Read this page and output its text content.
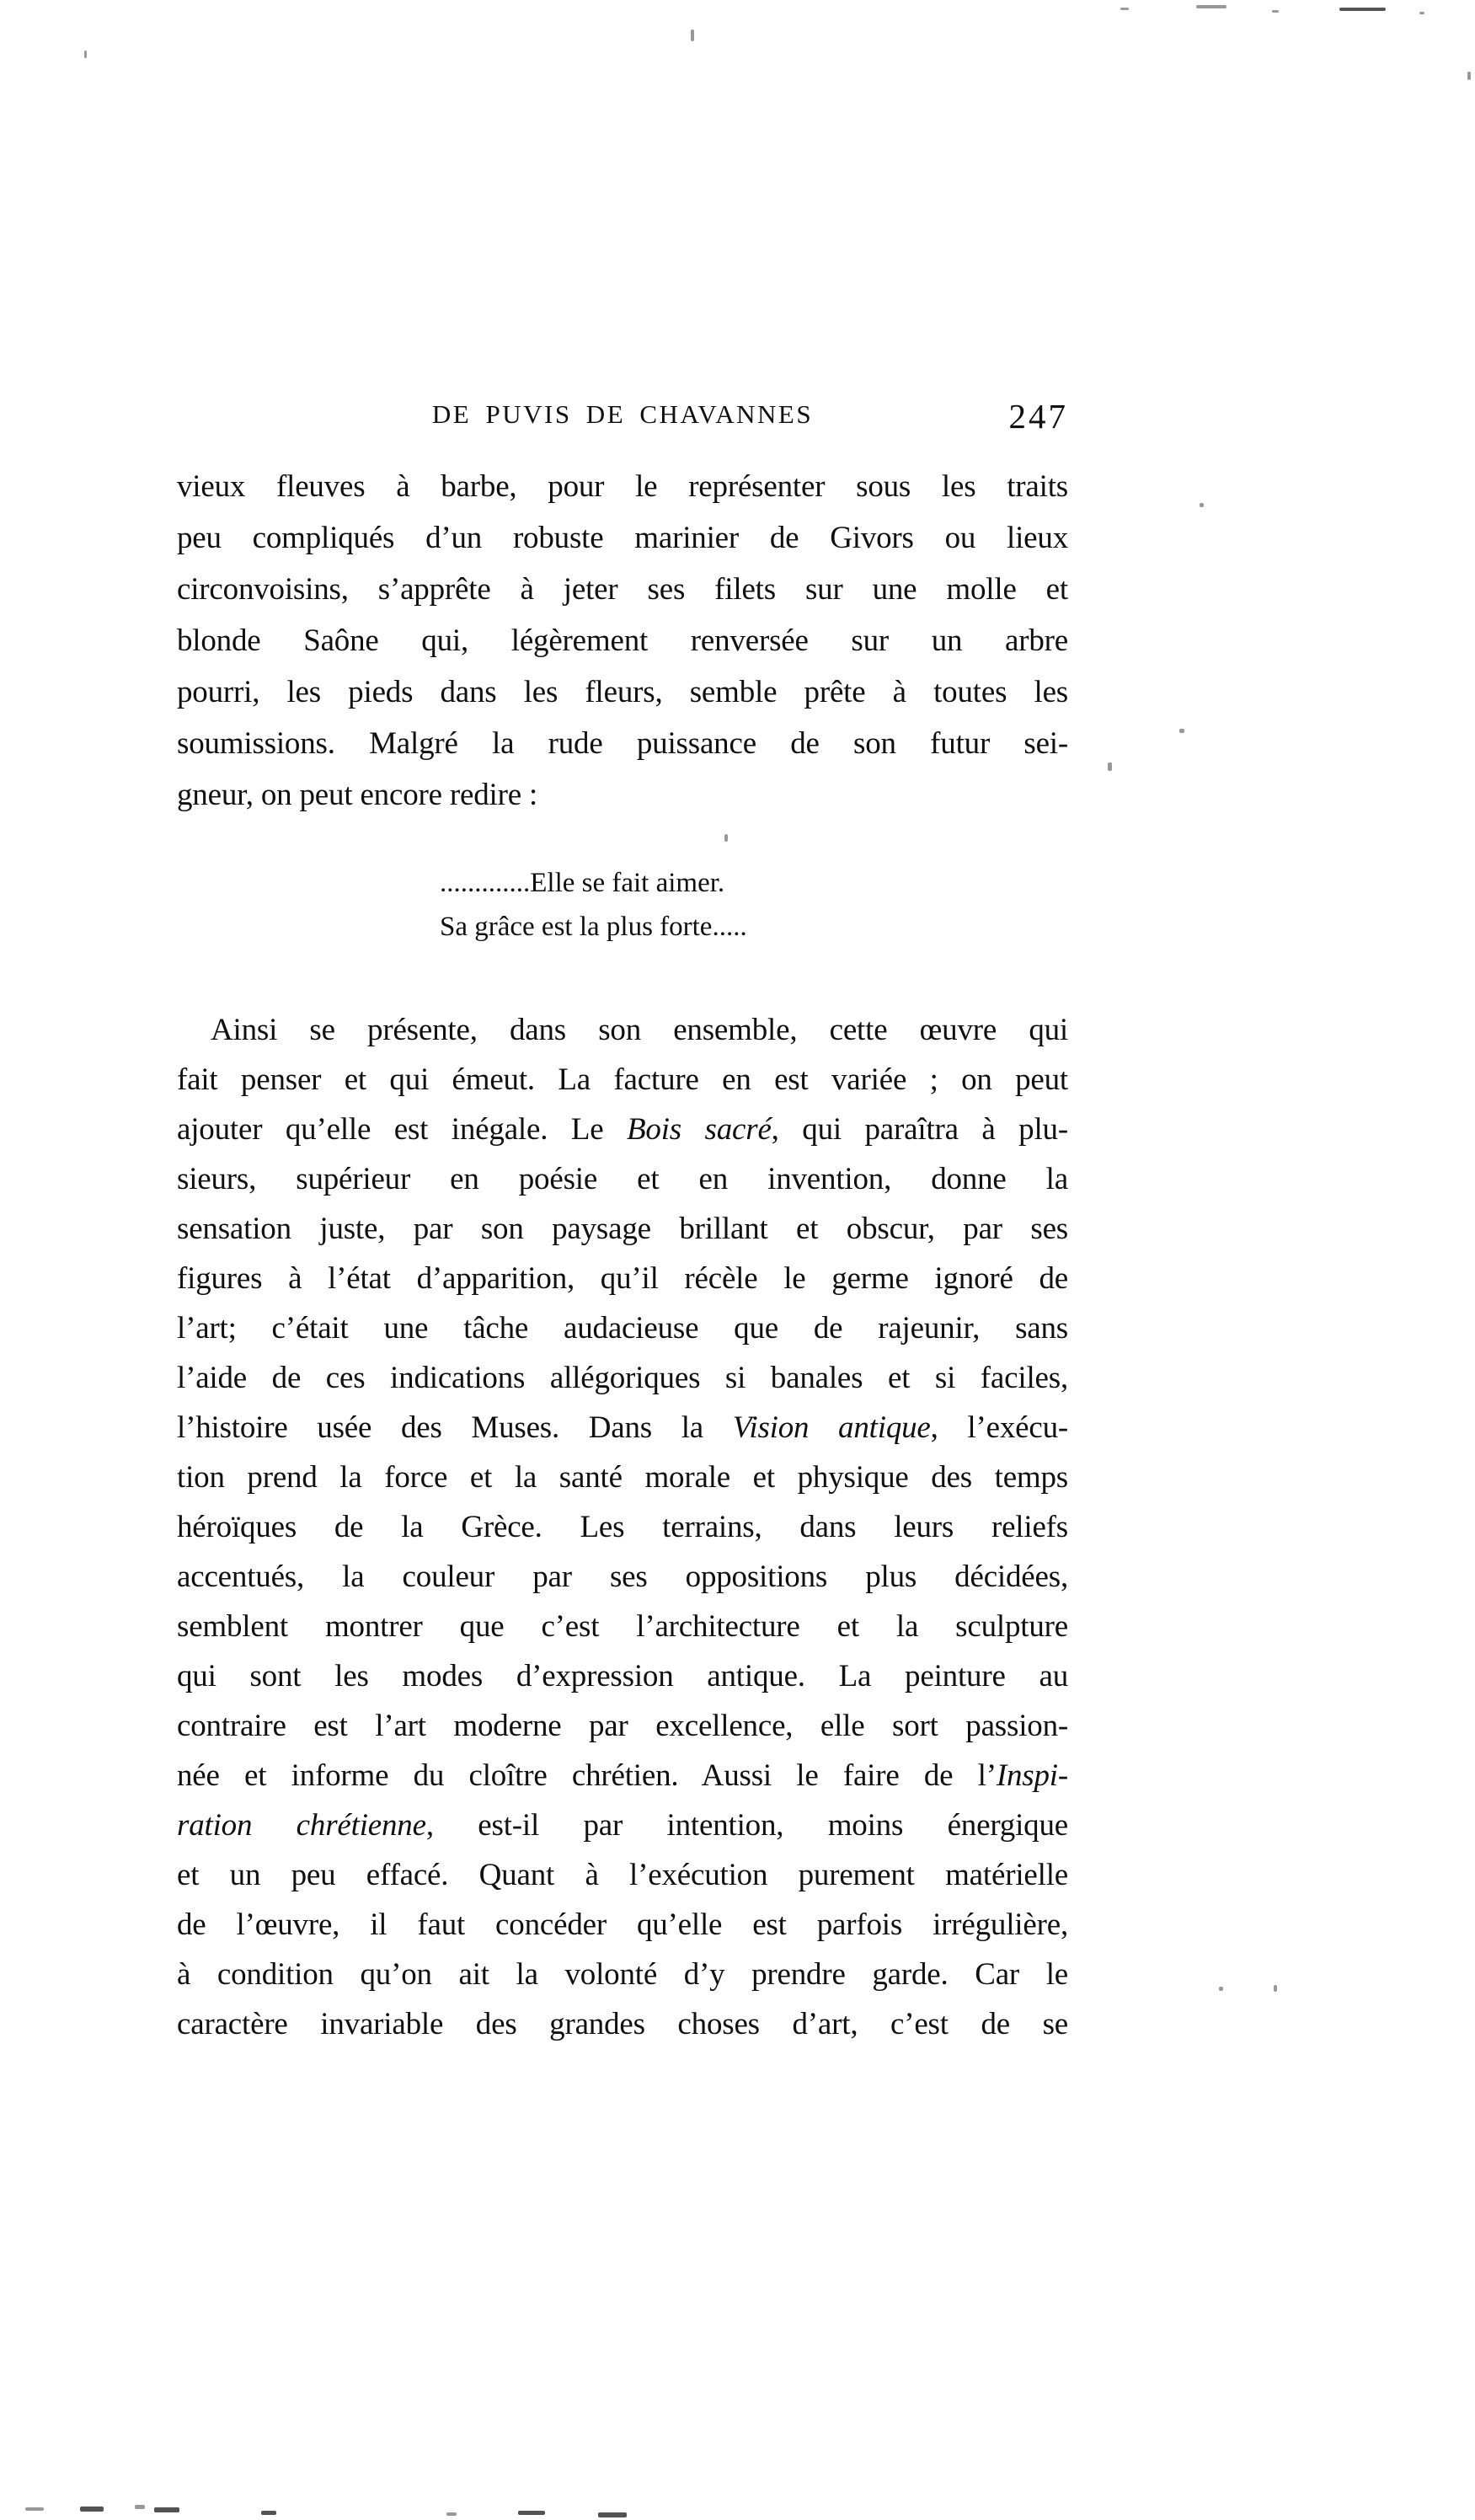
DE PUVIS DE CHAVANNES	247
vieux fleuves à barbe, pour le représenter sous les traits
peu compliqués d’un robuste marinier de Givors ou lieux
circonvoisins, s’apprête à jeter ses filets sur une molle et
blonde Saône qui, légèrement renversée sur un arbre
pourri, les pieds dans les fleurs, semble prête à toutes les
soumissions. Malgré la rude puissance de son futur sei-
gneur, on peut encore redire :
.............Elle se fait aimer.
Sa grâce est la plus forte.....
Ainsi se présente, dans son ensemble, cette œuvre qui
fait penser et qui émeut. La facture en est variée ; on peut
ajouter qu’elle est inégale. Le Bois sacré, qui paraîtra à plu-
sieurs, supérieur en poésie et en invention, donne la
sensation juste, par son paysage brillant et obscur, par ses
figures à l’état d’apparition, qu’il récèle le germe ignoré de
l’art; c’était une tâche audacieuse que de rajeunir, sans
l’aide de ces indications allégoriques si banales et si faciles,
l’histoire usée des Muses. Dans la Vision antique, l’exécu-
tion prend la force et la santé morale et physique des temps
héroïques de la Grèce. Les terrains, dans leurs reliefs
accentués, la couleur par ses oppositions plus décidées,
semblent montrer que c’est l’architecture et la sculpture
qui sont les modes d’expression antique. La peinture au
contraire est l’art moderne par excellence, elle sort passion-
née et informe du cloître chrétien. Aussi le faire de l’Inspi-
ration chrétienne, est-il par intention, moins énergique
et un peu effacé. Quant à l’exécution purement matérielle
de l’œuvre, il faut concéder qu’elle est parfois irrégulière,
à condition qu’on ait la volonté d’y prendre garde. Car le
caractère invariable des grandes choses d’art, c’est de se
